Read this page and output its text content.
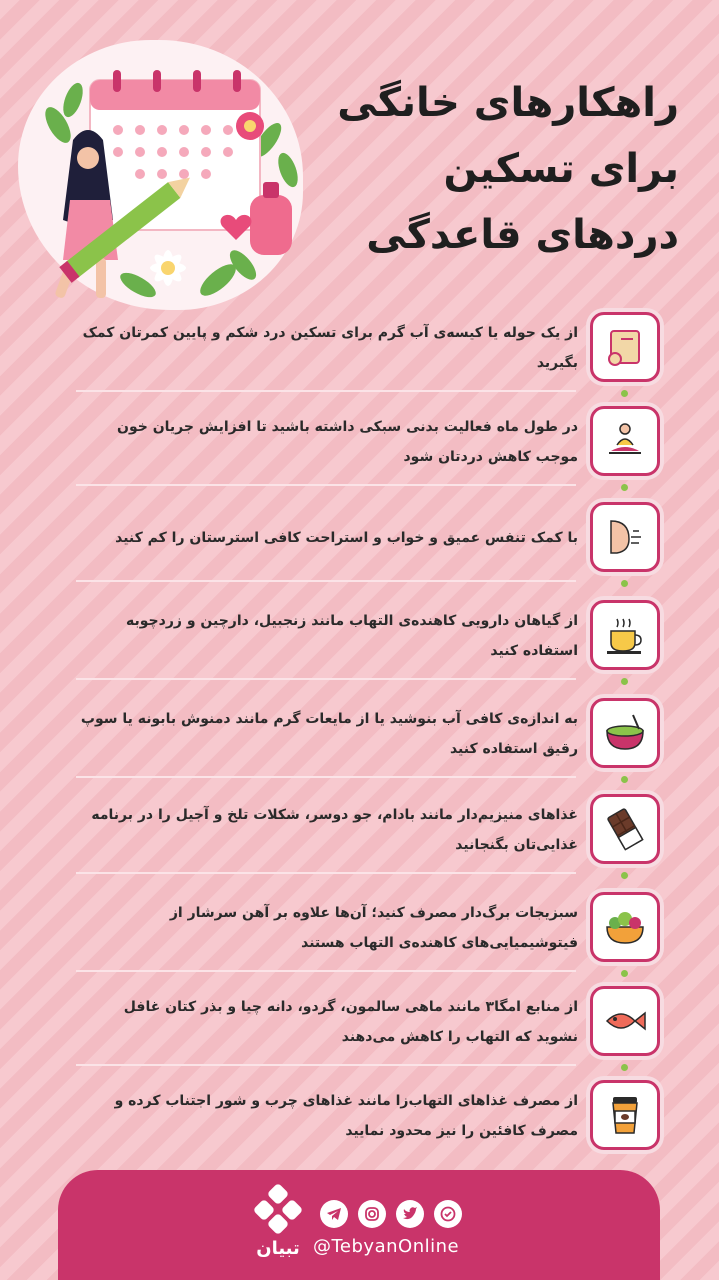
راهکارهای خانگی
برای تسکین
دردهای قاعدگی
از یک حوله یا کیسه‌ی آب گرم برای تسکین درد شکم و پایین کمرتان کمک بگیرید
در طول ماه فعالیت بدنی سبکی داشته باشید تا افزایش جریان خون موجب کاهش دردتان شود
با کمک تنفس عمیق و خواب و استراحت کافی استرستان را کم کنید
از گیاهان دارویی کاهنده‌ی التهاب مانند زنجبیل، دارچین و زردچوبه استفاده کنید
به اندازه‌ی کافی آب بنوشید یا از مایعات گرم مانند دمنوش بابونه یا سوپ رقیق استفاده کنید
غذاهای منیزیم‌دار مانند بادام، جو دوسر، شکلات تلخ و آجیل را در برنامه غذایی‌تان بگنجانید
سبزیجات برگ‌دار مصرف کنید؛ آن‌ها علاوه بر آهن سرشار از فیتوشیمیایی‌های کاهنده‌ی التهاب هستند
از منابع امگا۳ مانند ماهی سالمون، گردو، دانه چیا و بذر کتان غافل نشوید که التهاب را کاهش می‌دهند
از مصرف غذاهای التهاب‌زا مانند غذاهای چرب و شور اجتناب کرده و مصرف کافئین را نیز محدود نمایید
تبیان @TebyanOnline
